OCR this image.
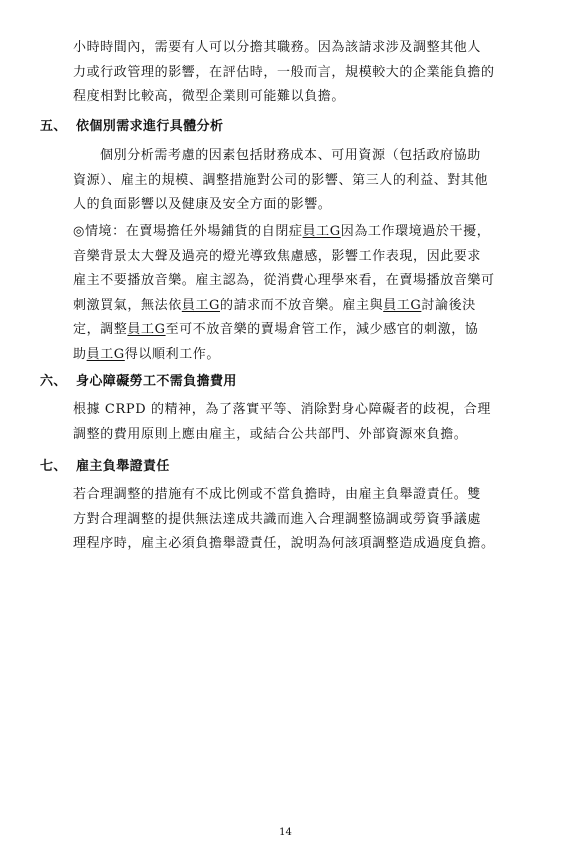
小時時間內，需要有人可以分擔其職務。因為該請求涉及調整其他人
力或行政管理的影響，在評估時，一般而言，規模較大的企業能負擔的
程度相對比較高，微型企業則可能難以負擔。
五、 依個別需求進行具體分析
個別分析需考慮的因素包括財務成本、可用資源（包括政府協助
資源）、雇主的規模、調整措施對公司的影響、第三人的利益、對其他
人的負面影響以及健康及安全方面的影響。
◎情境：在賣場擔任外場鋪貨的自閉症員工G因為工作環境過於干擾，
音樂背景太大聲及過亮的燈光導致焦慮感，影響工作表現，因此要求
雇主不要播放音樂。雇主認為，從消費心理學來看，在賣場播放音樂可
刺激買氣，無法依員工G的請求而不放音樂。雇主與員工G討論後決
定，調整員工G至可不放音樂的賣場倉管工作，減少感官的刺激，協
助員工G得以順利工作。
六、 身心障礙勞工不需負擔費用
根據 CRPD 的精神，為了落實平等、消除對身心障礙者的歧視，合理
調整的費用原則上應由雇主，或結合公共部門、外部資源來負擔。
七、 雇主負舉證責任
若合理調整的措施有不成比例或不當負擔時，由雇主負舉證責任。雙
方對合理調整的提供無法達成共識而進入合理調整協調或勞資爭議處
理程序時，雇主必須負擔舉證責任，說明為何該項調整造成過度負擔。
14
